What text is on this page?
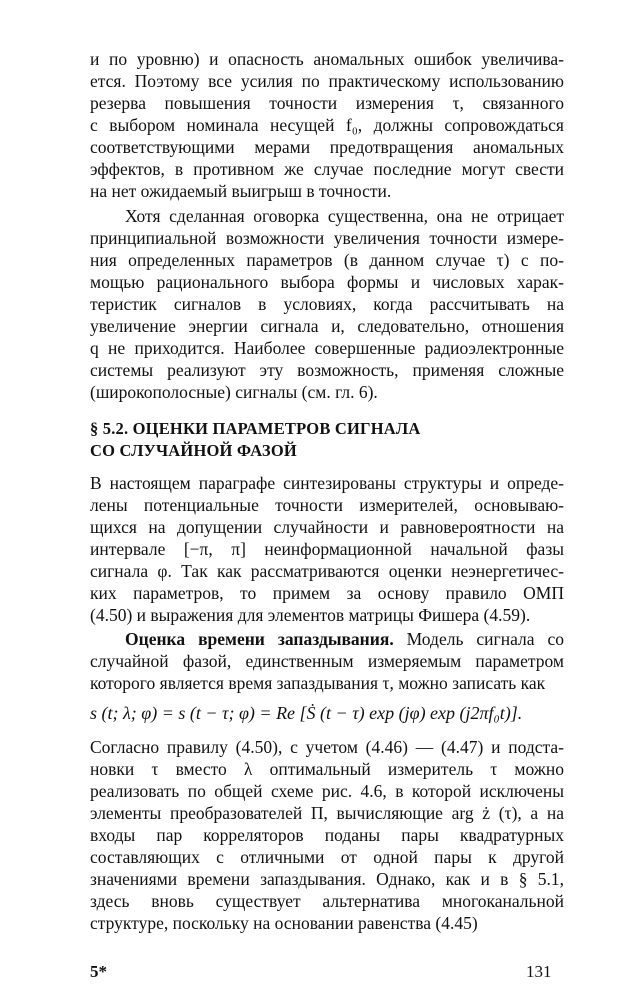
и по уровню) и опасность аномальных ошибок увеличива-
ется. Поэтому все усилия по практическому использованию
резерва повышения точности измерения τ, связанного
с выбором номинала несущей f₀, должны сопровождаться
соответствующими мерами предотвращения аномальных
эффектов, в противном же случае последние могут свести
на нет ожидаемый выигрыш в точности.
Хотя сделанная оговорка существенна, она не отрицает
принципиальной возможности увеличения точности измере-
ния определенных параметров (в данном случае τ) с по-
мощью рационального выбора формы и числовых харак-
теристик сигналов в условиях, когда рассчитывать на
увеличение энергии сигнала и, следовательно, отношения
q не приходится. Наиболее совершенные радиоэлектронные
системы реализуют эту возможность, применяя сложные
(широкополосные) сигналы (см. гл. 6).
§ 5.2. ОЦЕНКИ ПАРАМЕТРОВ СИГНАЛА
СО СЛУЧАЙНОЙ ФАЗОЙ
В настоящем параграфе синтезированы структуры и опреде-
лены потенциальные точности измерителей, основываю-
щихся на допущении случайности и равновероятности на
интервале [−π, π] неинформационной начальной фазы
сигнала φ. Так как рассматриваются оценки неэнергетичес-
ких параметров, то примем за основу правило ОМП
(4.50) и выражения для элементов матрицы Фишера (4.59).
Оценка времени запаздывания. Модель сигнала со
случайной фазой, единственным измеряемым параметром
которого является время запаздывания τ, можно записать как
s (t; λ; φ) = s (t − τ; φ) = Re [Ṡ (t − τ) exp (jφ) exp (j2πf₀t)].
Согласно правилу (4.50), с учетом (4.46) — (4.47) и подста-
новки τ вместо λ оптимальный измеритель τ можно
реализовать по общей схеме рис. 4.6, в которой исключены
элементы преобразователей П, вычисляющие arg ż (τ), а на
входы пар корреляторов поданы пары квадратурных
составляющих с отличными от одной пары к другой
значениями времени запаздывания. Однако, как и в § 5.1,
здесь вновь существует альтернатива многоканальной
структуре, поскольку на основании равенства (4.45)
5*	131
